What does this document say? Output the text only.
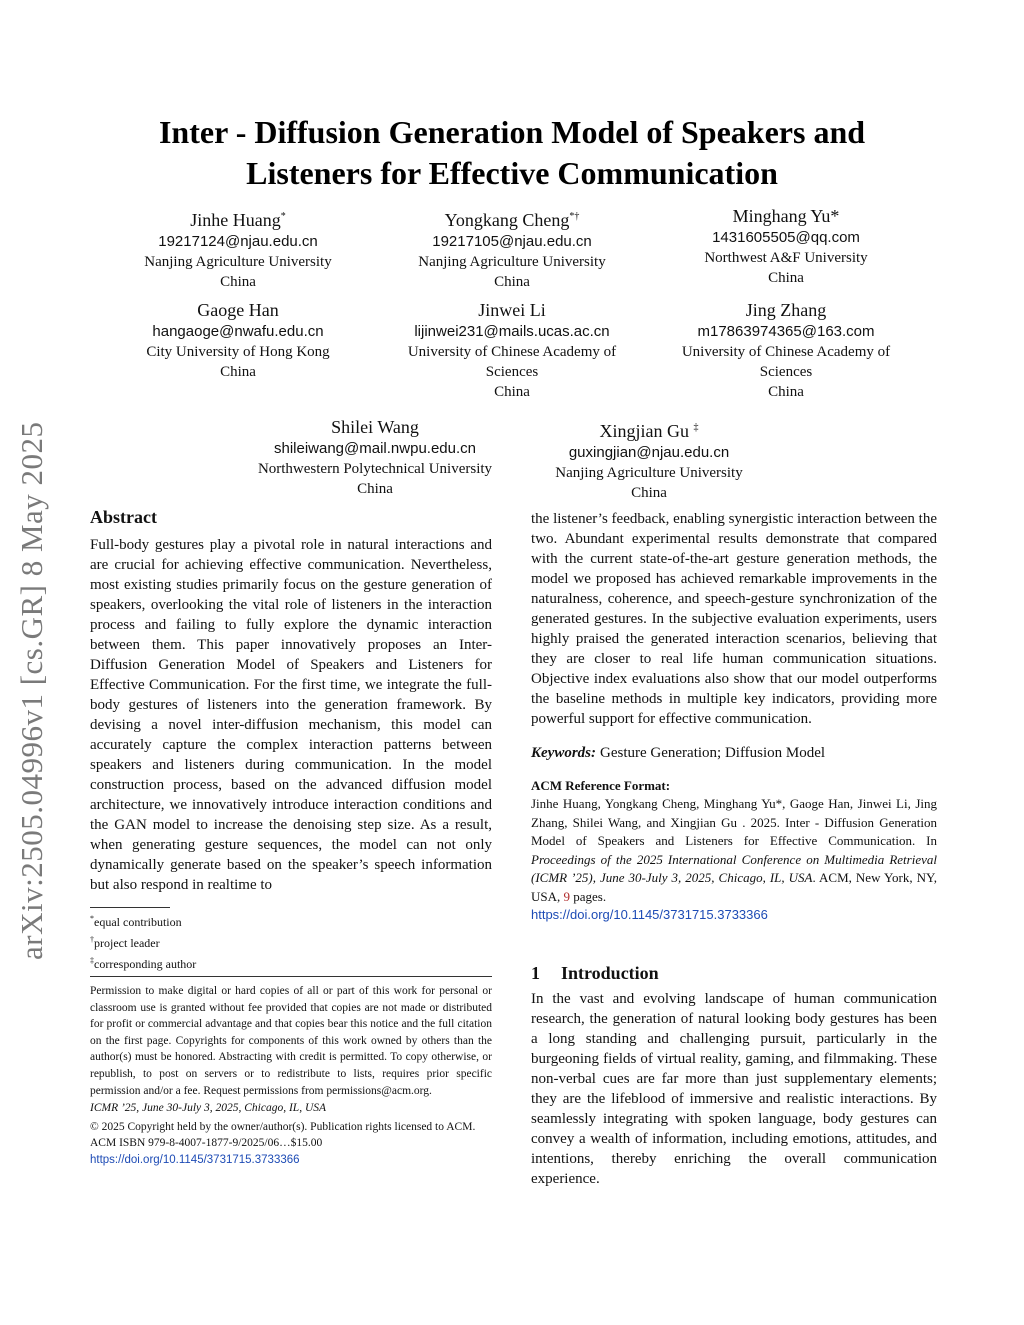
arXiv:2505.04996v1 [cs.GR] 8 May 2025
Inter - Diffusion Generation Model of Speakers and
Listeners for Effective Communication
Jinhe Huang*
19217124@njau.edu.cn
Nanjing Agriculture University
China
Yongkang Cheng*†
19217105@njau.edu.cn
Nanjing Agriculture University
China
Minghang Yu*
1431605505@qq.com
Northwest A&F University
China
Gaoge Han
hangaoge@nwafu.edu.cn
City University of Hong Kong
China
Jinwei Li
lijinwei231@mails.ucas.ac.cn
University of Chinese Academy of
Sciences
China
Jing Zhang
m17863974365@163.com
University of Chinese Academy of
Sciences
China
Shilei Wang
shileiwang@mail.nwpu.edu.cn
Northwestern Polytechnical University
China
Xingjian Gu ‡
guxingjian@njau.edu.cn
Nanjing Agriculture University
China
Abstract
Full-body gestures play a pivotal role in natural interactions and are crucial for achieving effective communication. Nevertheless, most existing studies primarily focus on the gesture generation of speakers, overlooking the vital role of listeners in the interaction process and failing to fully explore the dynamic interaction between them. This paper innovatively proposes an Inter-Diffusion Generation Model of Speakers and Listeners for Effective Communication. For the first time, we integrate the full-body gestures of listeners into the generation framework. By devising a novel inter-diffusion mechanism, this model can accurately capture the complex interaction patterns between speakers and listeners during communication. In the model construction process, based on the advanced diffusion model architecture, we innovatively introduce interaction conditions and the GAN model to increase the denoising step size. As a result, when generating gesture sequences, the model can not only dynamically generate based on the speaker’s speech information but also respond in realtime to
*equal contribution
†project leader
‡corresponding author
Permission to make digital or hard copies of all or part of this work for personal or classroom use is granted without fee provided that copies are not made or distributed for profit or commercial advantage and that copies bear this notice and the full citation on the first page. Copyrights for components of this work owned by others than the author(s) must be honored. Abstracting with credit is permitted. To copy otherwise, or republish, to post on servers or to redistribute to lists, requires prior specific permission and/or a fee. Request permissions from permissions@acm.org.
ICMR ’25, June 30-July 3, 2025, Chicago, IL, USA
© 2025 Copyright held by the owner/author(s). Publication rights licensed to ACM.
ACM ISBN 979-8-4007-1877-9/2025/06…$15.00
https://doi.org/10.1145/3731715.3733366
the listener’s feedback, enabling synergistic interaction between the two. Abundant experimental results demonstrate that compared with the current state-of-the-art gesture generation methods, the model we proposed has achieved remarkable improvements in the naturalness, coherence, and speech-gesture synchronization of the generated gestures. In the subjective evaluation experiments, users highly praised the generated interaction scenarios, believing that they are closer to real life human communication situations. Objective index evaluations also show that our model outperforms the baseline methods in multiple key indicators, providing more powerful support for effective communication.
Keywords: Gesture Generation; Diffusion Model
ACM Reference Format:
Jinhe Huang, Yongkang Cheng, Minghang Yu*, Gaoge Han, Jinwei Li, Jing Zhang, Shilei Wang, and Xingjian Gu . 2025. Inter - Diffusion Generation Model of Speakers and Listeners for Effective Communication. In Proceedings of the 2025 International Conference on Multimedia Retrieval (ICMR ’25), June 30-July 3, 2025, Chicago, IL, USA. ACM, New York, NY, USA, 9 pages.
https://doi.org/10.1145/3731715.3733366
1 Introduction
In the vast and evolving landscape of human communication research, the generation of natural looking body gestures has been a long standing and challenging pursuit, particularly in the burgeoning fields of virtual reality, gaming, and filmmaking. These non-verbal cues are far more than just supplementary elements; they are the lifeblood of immersive and realistic interactions. By seamlessly integrating with spoken language, body gestures can convey a wealth of information, including emotions, attitudes, and intentions, thereby enriching the overall communication experience.
